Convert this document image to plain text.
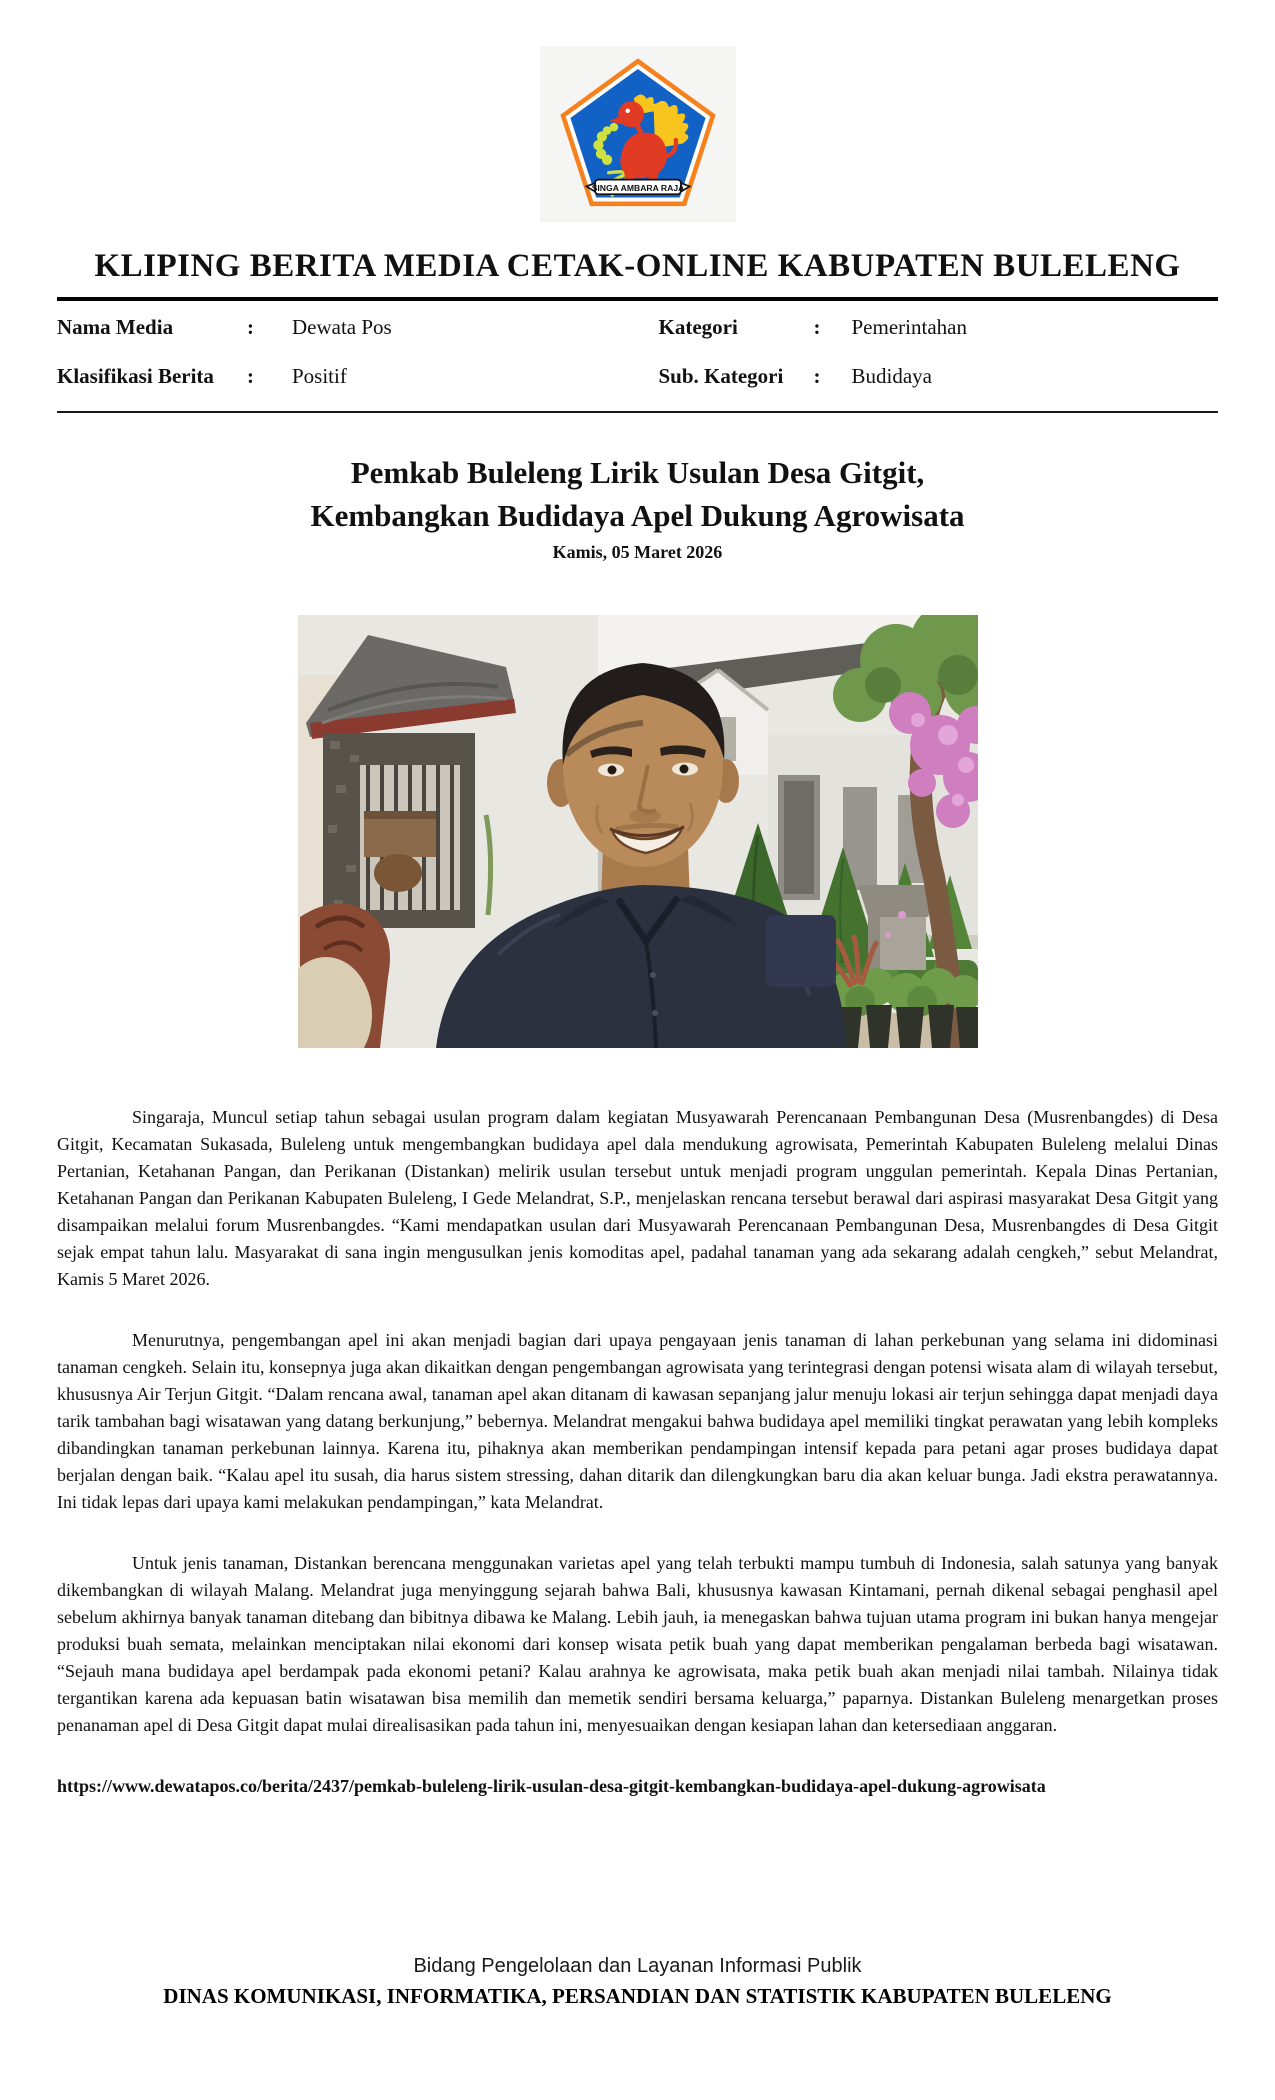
SINGA AMBARA RAJA
KLIPING BERITA MEDIA CETAK-ONLINE KABUPATEN BULELENG
Nama Media	:	Dewata Pos	Kategori	:	Pemerintahan
Klasifikasi Berita	:	Positif	Sub. Kategori	:	Budidaya
Pemkab Buleleng Lirik Usulan Desa Gitgit,
Kembangkan Budidaya Apel Dukung Agrowisata
Kamis, 05 Maret 2026

Singaraja, Muncul setiap tahun sebagai usulan program dalam kegiatan Musyawarah Perencanaan Pembangunan Desa (Musrenbangdes) di Desa Gitgit, Kecamatan Sukasada, Buleleng untuk mengembangkan budidaya apel dala mendukung agrowisata, Pemerintah Kabupaten Buleleng melalui Dinas Pertanian, Ketahanan Pangan, dan Perikanan (Distankan) melirik usulan tersebut untuk menjadi program unggulan pemerintah. Kepala Dinas Pertanian, Ketahanan Pangan dan Perikanan Kabupaten Buleleng, I Gede Melandrat, S.P., menjelaskan rencana tersebut berawal dari aspirasi masyarakat Desa Gitgit yang disampaikan melalui forum Musrenbangdes. “Kami mendapatkan usulan dari Musyawarah Perencanaan Pembangunan Desa, Musrenbangdes di Desa Gitgit sejak empat tahun lalu. Masyarakat di sana ingin mengusulkan jenis komoditas apel, padahal tanaman yang ada sekarang adalah cengkeh,” sebut Melandrat, Kamis 5 Maret 2026.

Menurutnya, pengembangan apel ini akan menjadi bagian dari upaya pengayaan jenis tanaman di lahan perkebunan yang selama ini didominasi tanaman cengkeh. Selain itu, konsepnya juga akan dikaitkan dengan pengembangan agrowisata yang terintegrasi dengan potensi wisata alam di wilayah tersebut, khususnya Air Terjun Gitgit. “Dalam rencana awal, tanaman apel akan ditanam di kawasan sepanjang jalur menuju lokasi air terjun sehingga dapat menjadi daya tarik tambahan bagi wisatawan yang datang berkunjung,” bebernya. Melandrat mengakui bahwa budidaya apel memiliki tingkat perawatan yang lebih kompleks dibandingkan tanaman perkebunan lainnya. Karena itu, pihaknya akan memberikan pendampingan intensif kepada para petani agar proses budidaya dapat berjalan dengan baik. “Kalau apel itu susah, dia harus sistem stressing, dahan ditarik dan dilengkungkan baru dia akan keluar bunga. Jadi ekstra perawatannya. Ini tidak lepas dari upaya kami melakukan pendampingan,” kata Melandrat.

Untuk jenis tanaman, Distankan berencana menggunakan varietas apel yang telah terbukti mampu tumbuh di Indonesia, salah satunya yang banyak dikembangkan di wilayah Malang. Melandrat juga menyinggung sejarah bahwa Bali, khususnya kawasan Kintamani, pernah dikenal sebagai penghasil apel sebelum akhirnya banyak tanaman ditebang dan bibitnya dibawa ke Malang. Lebih jauh, ia menegaskan bahwa tujuan utama program ini bukan hanya mengejar produksi buah semata, melainkan menciptakan nilai ekonomi dari konsep wisata petik buah yang dapat memberikan pengalaman berbeda bagi wisatawan. “Sejauh mana budidaya apel berdampak pada ekonomi petani? Kalau arahnya ke agrowisata, maka petik buah akan menjadi nilai tambah. Nilainya tidak tergantikan karena ada kepuasan batin wisatawan bisa memilih dan memetik sendiri bersama keluarga,” paparnya. Distankan Buleleng menargetkan proses penanaman apel di Desa Gitgit dapat mulai direalisasikan pada tahun ini, menyesuaikan dengan kesiapan lahan dan ketersediaan anggaran.

https://www.dewatapos.co/berita/2437/pemkab-buleleng-lirik-usulan-desa-gitgit-kembangkan-budidaya-apel-dukung-agrowisata
Bidang Pengelolaan dan Layanan Informasi Publik
DINAS KOMUNIKASI, INFORMATIKA, PERSANDIAN DAN STATISTIK KABUPATEN BULELENG
